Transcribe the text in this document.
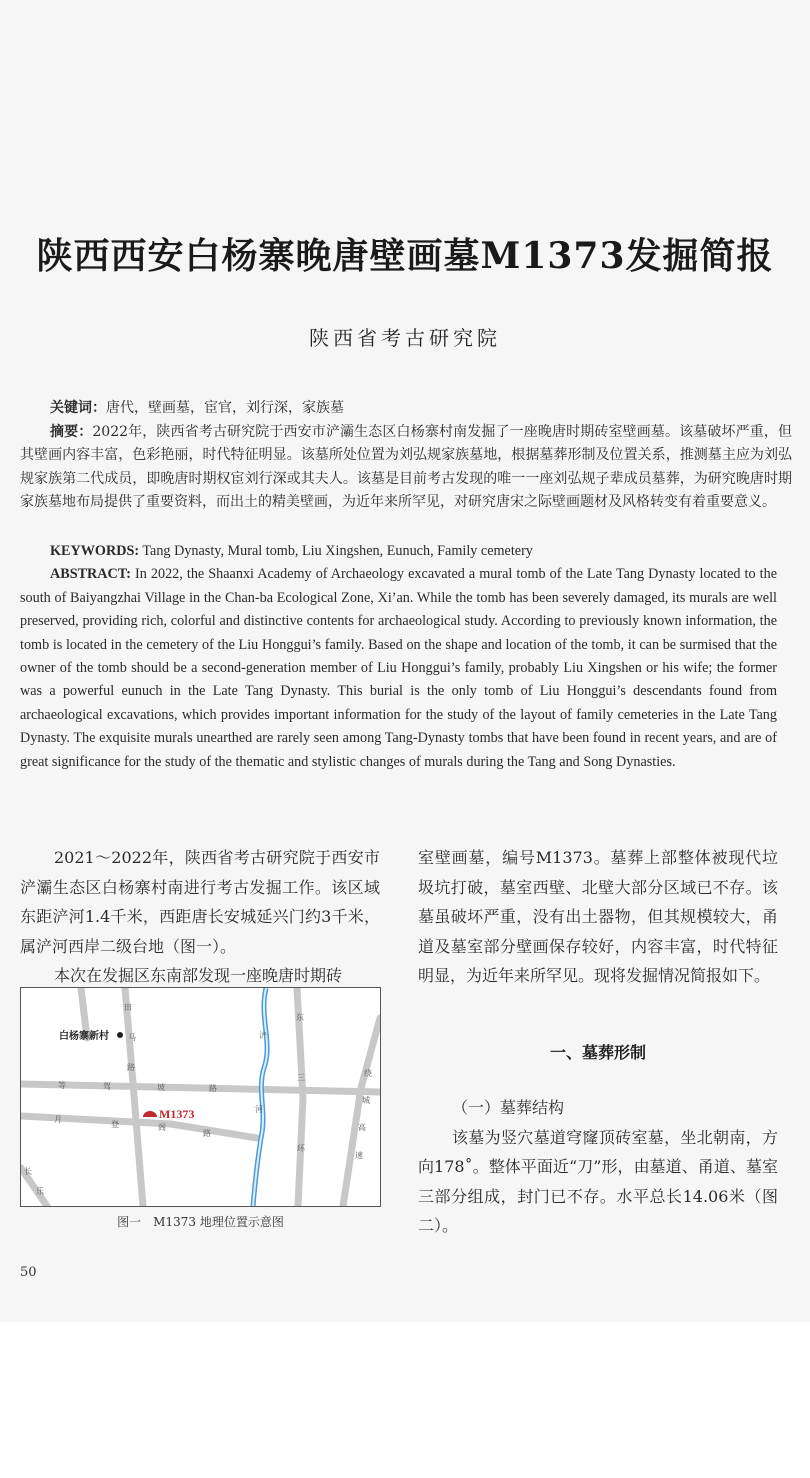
陕西西安白杨寨晚唐壁画墓M1373发掘简报
陕西省考古研究院

关键词：唐代，壁画墓，宦官，刘行深，家族墓

摘要：2022年，陕西省考古研究院于西安市浐灞生态区白杨寨村南发掘了一座晚唐时期砖室壁画墓。该墓破坏严重，但其壁画内容丰富，色彩艳丽，时代特征明显。该墓所处位置为刘弘规家族墓地，根据墓葬形制及位置关系，推测墓主应为刘弘规家族第二代成员，即晚唐时期权宦刘行深或其夫人。该墓是目前考古发现的唯一一座刘弘规子辈成员墓葬，为研究晚唐时期家族墓地布局提供了重要资料，而出土的精美壁画，为近年来所罕见，对研究唐宋之际壁画题材及风格转变有着重要意义。

KEYWORDS: Tang Dynasty, Mural tomb, Liu Xingshen, Eunuch, Family cemetery

ABSTRACT: In 2022, the Shaanxi Academy of Archaeology excavated a mural tomb of the Late Tang Dynasty located to the south of Baiyangzhai Village in the Chan-ba Ecological Zone, Xi’an. While the tomb has been severely damaged, its murals are well preserved, providing rich, colorful and distinctive contents for archaeological study. According to previously known information, the tomb is located in the cemetery of the Liu Honggui’s family. Based on the shape and location of the tomb, it can be surmised that the owner of the tomb should be a second-generation member of Liu Honggui’s family, probably Liu Xingshen or his wife; the former was a powerful eunuch in the Late Tang Dynasty. This burial is the only tomb of Liu Honggui’s descendants found from archaeological excavations, which provides important information for the study of the layout of family cemeteries in the Late Tang Dynasty. The exquisite murals unearthed are rarely seen among Tang-Dynasty tombs that have been found in recent years, and are of great significance for the study of the thematic and stylistic changes of murals during the Tang and Song Dynasties.

2021～2022年，陕西省考古研究院于西安市浐灞生态区白杨寨村南进行考古发掘工作。该区域东距浐河1.4千米，西距唐长安城延兴门约3千米，属浐河西岸二级台地（图一）。

本次在发掘区东南部发现一座晚唐时期砖

白杨寨新村
M1373
田
马
路
等	驾	坡	路
月
登	阁
路
东
三
环
绕
城
高
速
浐
河
长
乐
图一　M1373 地理位置示意图

室壁画墓，编号M1373。墓葬上部整体被现代垃圾坑打破，墓室西壁、北壁大部分区域已不存。该墓虽破坏严重，没有出土器物，但其规模较大，甬道及墓室部分壁画保存较好，内容丰富，时代特征明显，为近年来所罕见。现将发掘情况简报如下。

一、墓葬形制

（一）墓葬结构

该墓为竖穴墓道穹窿顶砖室墓，坐北朝南，方向178˚。整体平面近“刀”形，由墓道、甬道、墓室三部分组成，封门已不存。水平总长14.06米（图二）。

50
